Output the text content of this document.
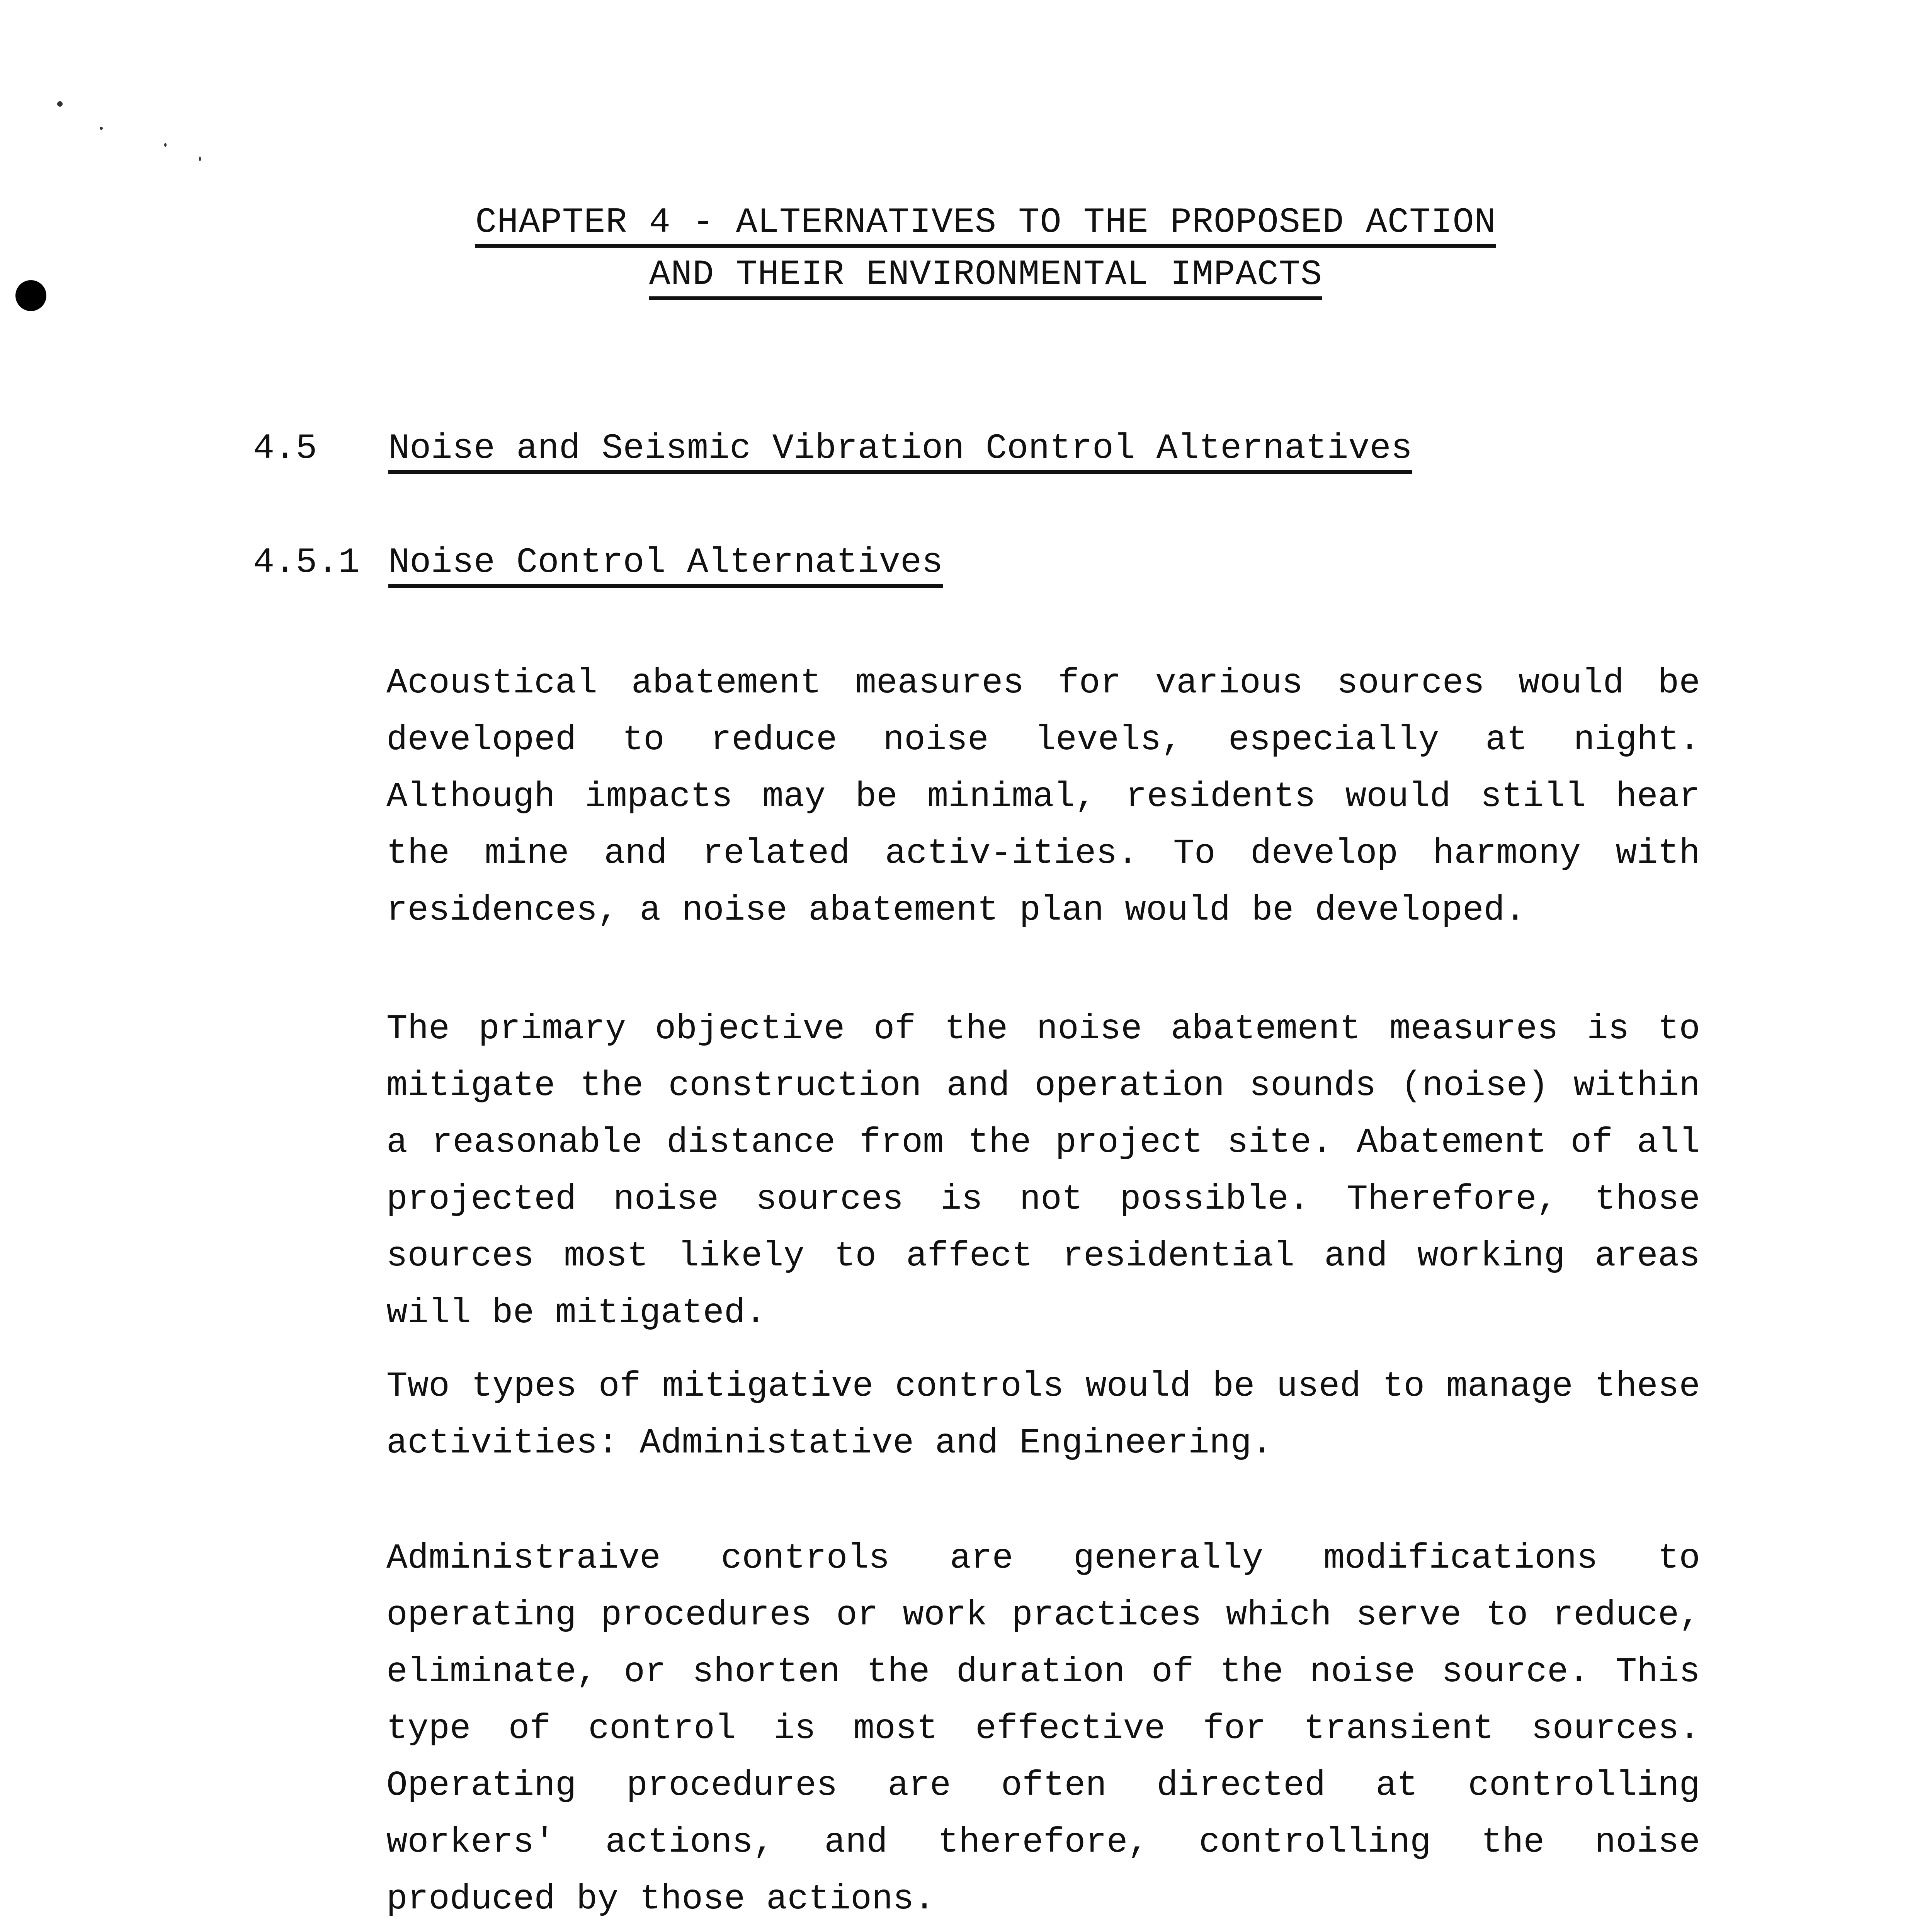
CHAPTER 4 - ALTERNATIVES TO THE PROPOSED ACTION
AND THEIR ENVIRONMENTAL IMPACTS
4.5 Noise and Seismic Vibration Control Alternatives
4.5.1 Noise Control Alternatives

Acoustical abatement measures for various sources would be developed to reduce noise levels, especially at night. Although impacts may be minimal, residents would still hear the mine and related activ-ities. To develop harmony with residences, a noise abatement plan would be developed.

The primary objective of the noise abatement measures is to mitigate the construction and operation sounds (noise) within a reasonable distance from the project site. Abatement of all projected noise sources is not possible. Therefore, those sources most likely to affect residential and working areas will be mitigated.

Two types of mitigative controls would be used to manage these activities: Administative and Engineering.

Administraive controls are generally modifications to operating procedures or work practices which serve to reduce, eliminate, or shorten the duration of the noise source. This type of control is most effective for transient sources. Operating procedures are often directed at controlling workers' actions, and therefore, controlling the noise produced by those actions.
